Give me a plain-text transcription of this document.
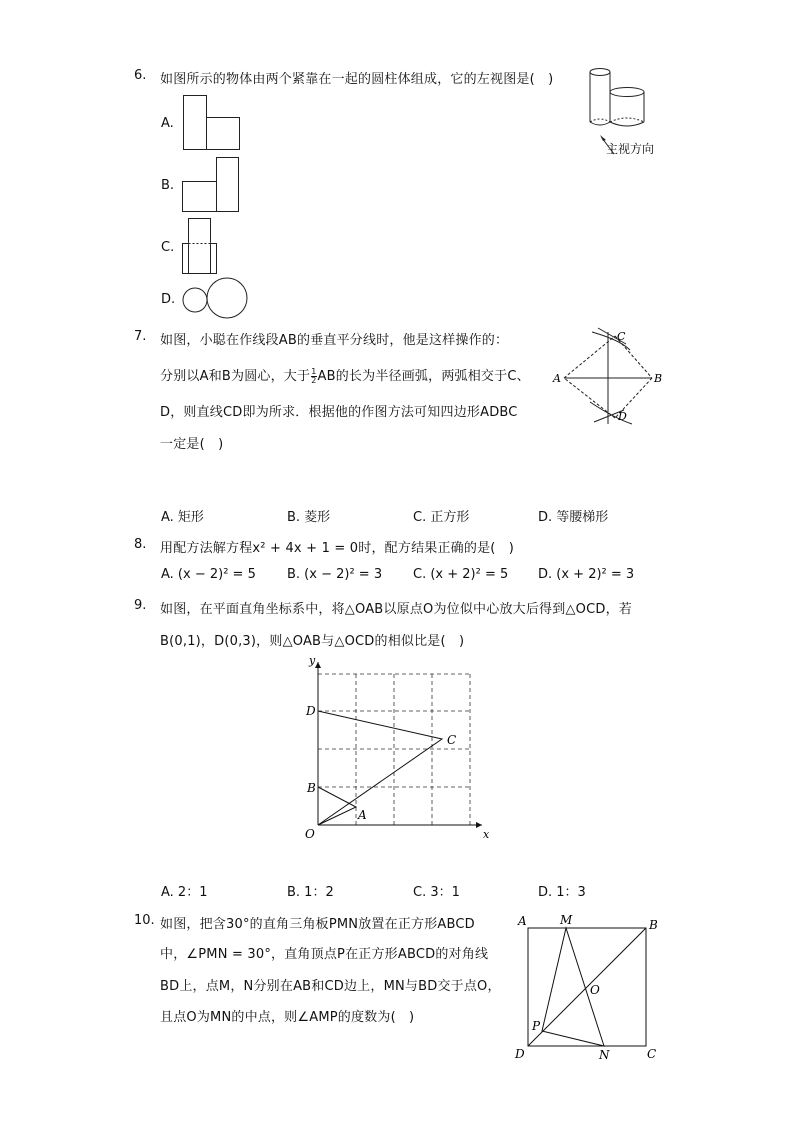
6. 如图所示的物体由两个紧靠在一起的圆柱体组成，它的左视图是(　)
主视方向
A.
B.
C.
D.
7. 如图，小聪在作线段AB的垂直平分线时，他是这样操作的：
分别以A和B为圆心，大于 $\frac{1}{2}$ AB的长为半径画弧，两弧相交于C、
D，则直线CD即为所求．根据他的作图方法可知四边形ADBC
一定是(　)
A	B
C
D
A. 矩形	B. 菱形	C. 正方形	D. 等腰梯形
8. 用配方法解方程x² + 4x + 1 = 0时，配方结果正确的是(　)
A. (x − 2)² = 5 B. (x − 2)² = 3 C. (x + 2)² = 5 D. (x + 2)² = 3
9. 如图，在平面直角坐标系中，将△OAB以原点O为位似中心放大后得到△OCD，若
B(0,1)，D(0,3)，则△OAB与△OCD的相似比是(　)
y
x
O
A
B
C
D
A. 2：1	B. 1：2	C. 3：1	D. 1：3
10. 如图，把含30°的直角三角板PMN放置在正方形ABCD
中，∠PMN = 30°，直角顶点P在正方形ABCD的对角线
BD上，点M，N分别在AB和CD边上，MN与BD交于点O，
且点O为MN的中点，则∠AMP的度数为(　)
A	M	B
O
P
D	N	C
